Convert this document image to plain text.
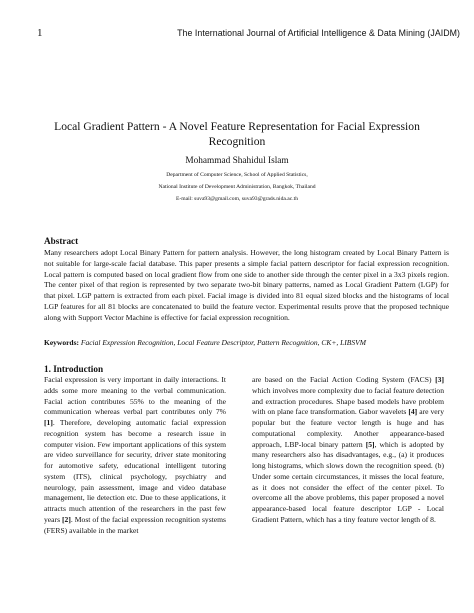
1	The International Journal of Artificial Intelligence & Data Mining (JAIDM)
Local Gradient Pattern - A Novel Feature Representation for Facial Expression
Recognition
Mohammad Shahidul Islam
Department of Computer Science, School of Applied Statistics,
National Institute of Development Administration, Bangkok, Thailand
E-mail: suva93@gmail.com, suva93@grads.nida.ac.th
Abstract
Many researchers adopt Local Binary Pattern for pattern analysis. However, the long histogram created by Local Binary Pattern is not suitable for large-scale facial database. This paper presents a simple facial pattern descriptor for facial expression recognition. Local pattern is computed based on local gradient flow from one side to another side through the center pixel in a 3x3 pixels region. The center pixel of that region is represented by two separate two-bit binary patterns, named as Local Gradient Pattern (LGP) for that pixel. LGP pattern is extracted from each pixel. Facial image is divided into 81 equal sized blocks and the histograms of local LGP features for all 81 blocks are concatenated to build the feature vector. Experimental results prove that the proposed technique along with Support Vector Machine is effective for facial expression recognition.
Keywords: Facial Expression Recognition, Local Feature Descriptor, Pattern Recognition, CK+, LIBSVM
1. Introduction

Facial expression is very important in daily interactions. It adds some more meaning to the verbal communication. Facial action contributes 55% to the meaning of the communication whereas verbal part contributes only 7% [1]. Therefore, developing automatic facial expression recognition system has become a research issue in computer vision. Few important applications of this system are video surveillance for security, driver state monitoring for automotive safety, educational intelligent tutoring system (ITS), clinical psychology, psychiatry and neurology, pain assessment, image and video database management, lie detection etc. Due to these applications, it attracts much attention of the researchers in the past few years [2]. Most of the facial expression recognition systems (FERS) available in the market

are based on the Facial Action Coding System (FACS) [3] which involves more complexity due to facial feature detection and extraction procedures. Shape based models have problem with on plane face transformation. Gabor wavelets [4] are very popular but the feature vector length is huge and has computational complexity. Another appearance-based approach, LBP-local binary pattern [5], which is adopted by many researchers also has disadvantages, e.g., (a) it produces long histograms, which slows down the recognition speed. (b) Under some certain circumstances, it misses the local feature, as it does not consider the effect of the center pixel. To overcome all the above problems, this paper proposed a novel appearance-based local feature descriptor LGP - Local Gradient Pattern, which has a tiny feature vector length of 8.
